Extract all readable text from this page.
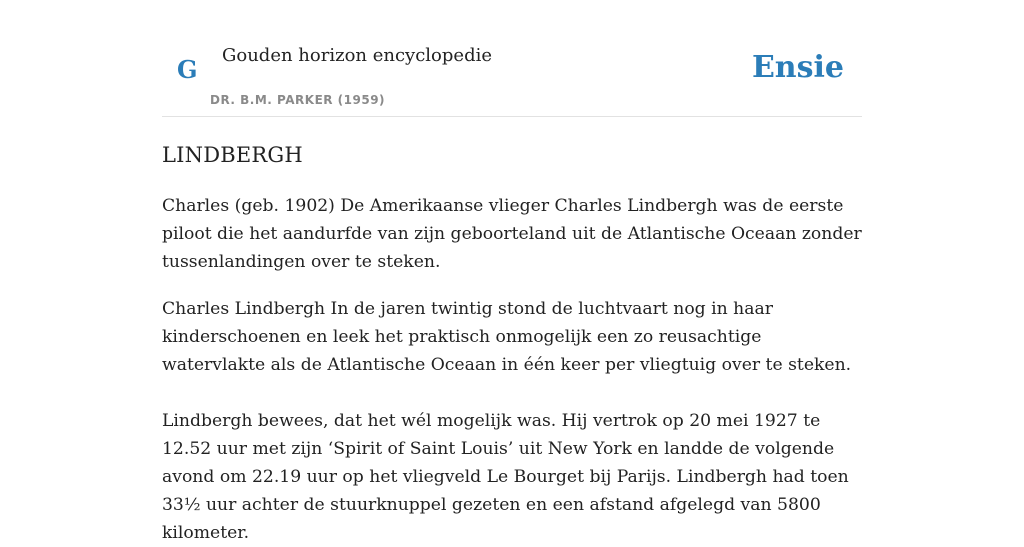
G Gouden horizon encyclopedie
DR. B.M. PARKER (1959)
Ensie
LINDBERGH

Charles (geb. 1902) De Amerikaanse vlieger Charles Lindbergh was de eerste piloot die het aandurfde van zijn geboorteland uit de Atlantische Oceaan zonder tussenlandingen over te steken.

Charles Lindbergh In de jaren twintig stond de luchtvaart nog in haar kinderschoenen en leek het praktisch onmogelijk een zo reusachtige watervlakte als de Atlantische Oceaan in één keer per vliegtuig over te steken.

Lindbergh bewees, dat het wél mogelijk was. Hij vertrok op 20 mei 1927 te 12.52 uur met zijn ‘Spirit of Saint Louis’ uit New York en landde de volgende avond om 22.19 uur op het vliegveld Le Bourget bij Parijs. Lindbergh had toen 33½ uur achter de stuurknuppel gezeten en een afstand afgelegd van 5800 kilometer.
